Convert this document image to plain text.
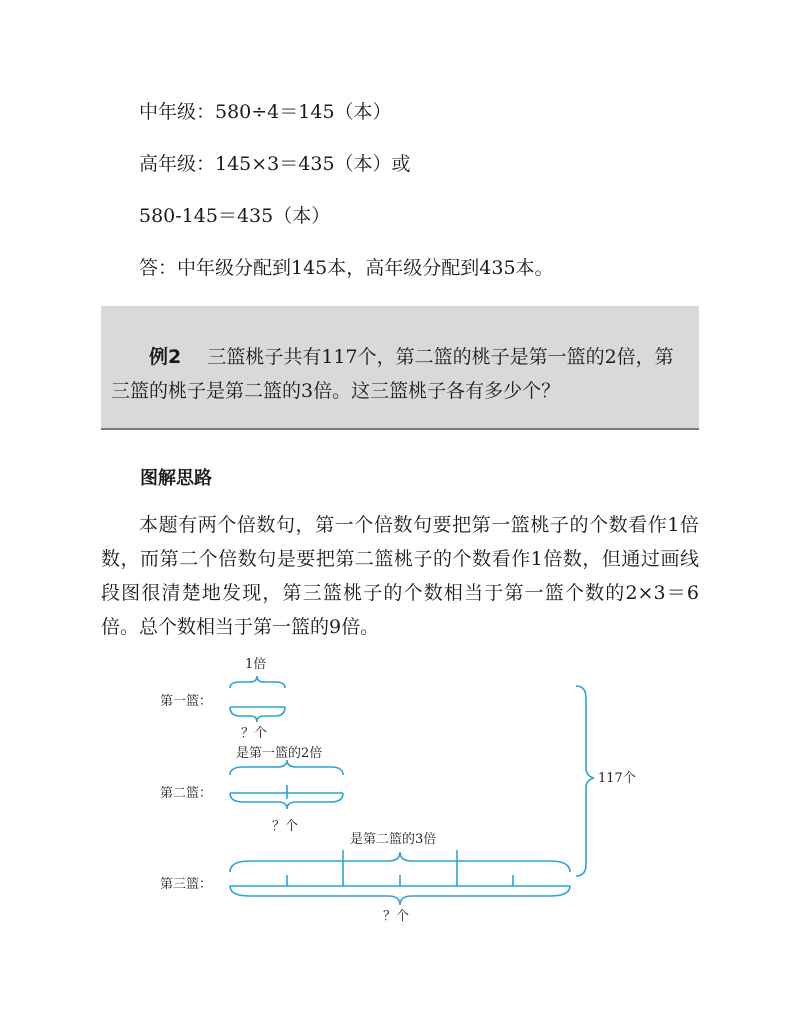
中年级：580÷4＝145（本）
高年级：145×3＝435（本）或
580-145＝435（本）
答：中年级分配到145本，高年级分配到435本。
例2 三篮桃子共有117个，第二篮的桃子是第一篮的2倍，第
三篮的桃子是第二篮的3倍。这三篮桃子各有多少个？
图解思路

本题有两个倍数句，第一个倍数句要把第一篮桃子的个数看作1倍数，而第二个倍数句是要把第二篮桃子的个数看作1倍数，但通过画线段图很清楚地发现，第三篮桃子的个数相当于第一篮个数的2×3＝6倍。总个数相当于第一篮的9倍。

第一篮：
1倍
？个
第二篮：
是第一篮的2倍
？个
第三篮：
是第二篮的3倍
？个
117个
